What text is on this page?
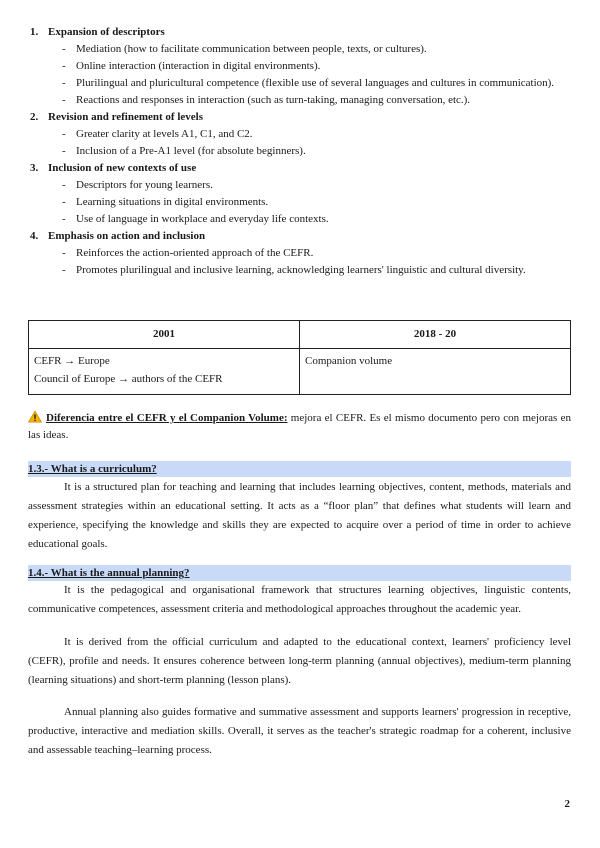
1. Expansion of descriptors
- Mediation (how to facilitate communication between people, texts, or cultures).
- Online interaction (interaction in digital environments).
- Plurilingual and pluricultural competence (flexible use of several languages and cultures in communication).
- Reactions and responses in interaction (such as turn-taking, managing conversation, etc.).
2. Revision and refinement of levels
- Greater clarity at levels A1, C1, and C2.
- Inclusion of a Pre-A1 level (for absolute beginners).
3. Inclusion of new contexts of use
- Descriptors for young learners.
- Learning situations in digital environments.
- Use of language in workplace and everyday life contexts.
4. Emphasis on action and inclusion
- Reinforces the action-oriented approach of the CEFR.
- Promotes plurilingual and inclusive learning, acknowledging learners' linguistic and cultural diversity.
2001	2018 - 20

CEFR → Europe
Council of Europe → authors of the CEFR	Companion volume
Diferencia entre el CEFR y el Companion Volume: mejora el CEFR. Es el mismo documento pero con mejoras en las ideas.
1.3.- What is a curriculum?

It is a structured plan for teaching and learning that includes learning objectives, content, methods, materials and assessment strategies within an educational setting. It acts as a “floor plan” that defines what students will learn and experience, specifying the knowledge and skills they are expected to acquire over a period of time in order to achieve educational goals.

1.4.- What is the annual planning?

It is the pedagogical and organisational framework that structures learning objectives, linguistic contents, communicative competences, assessment criteria and methodological approaches throughout the academic year.

It is derived from the official curriculum and adapted to the educational context, learners' proficiency level (CEFR), profile and needs. It ensures coherence between long-term planning (annual objectives), medium-term planning (learning situations) and short-term planning (lesson plans).

Annual planning also guides formative and summative assessment and supports learners' progression in receptive, productive, interactive and mediation skills. Overall, it serves as the teacher's strategic roadmap for a coherent, inclusive and assessable teaching–learning process.

2
